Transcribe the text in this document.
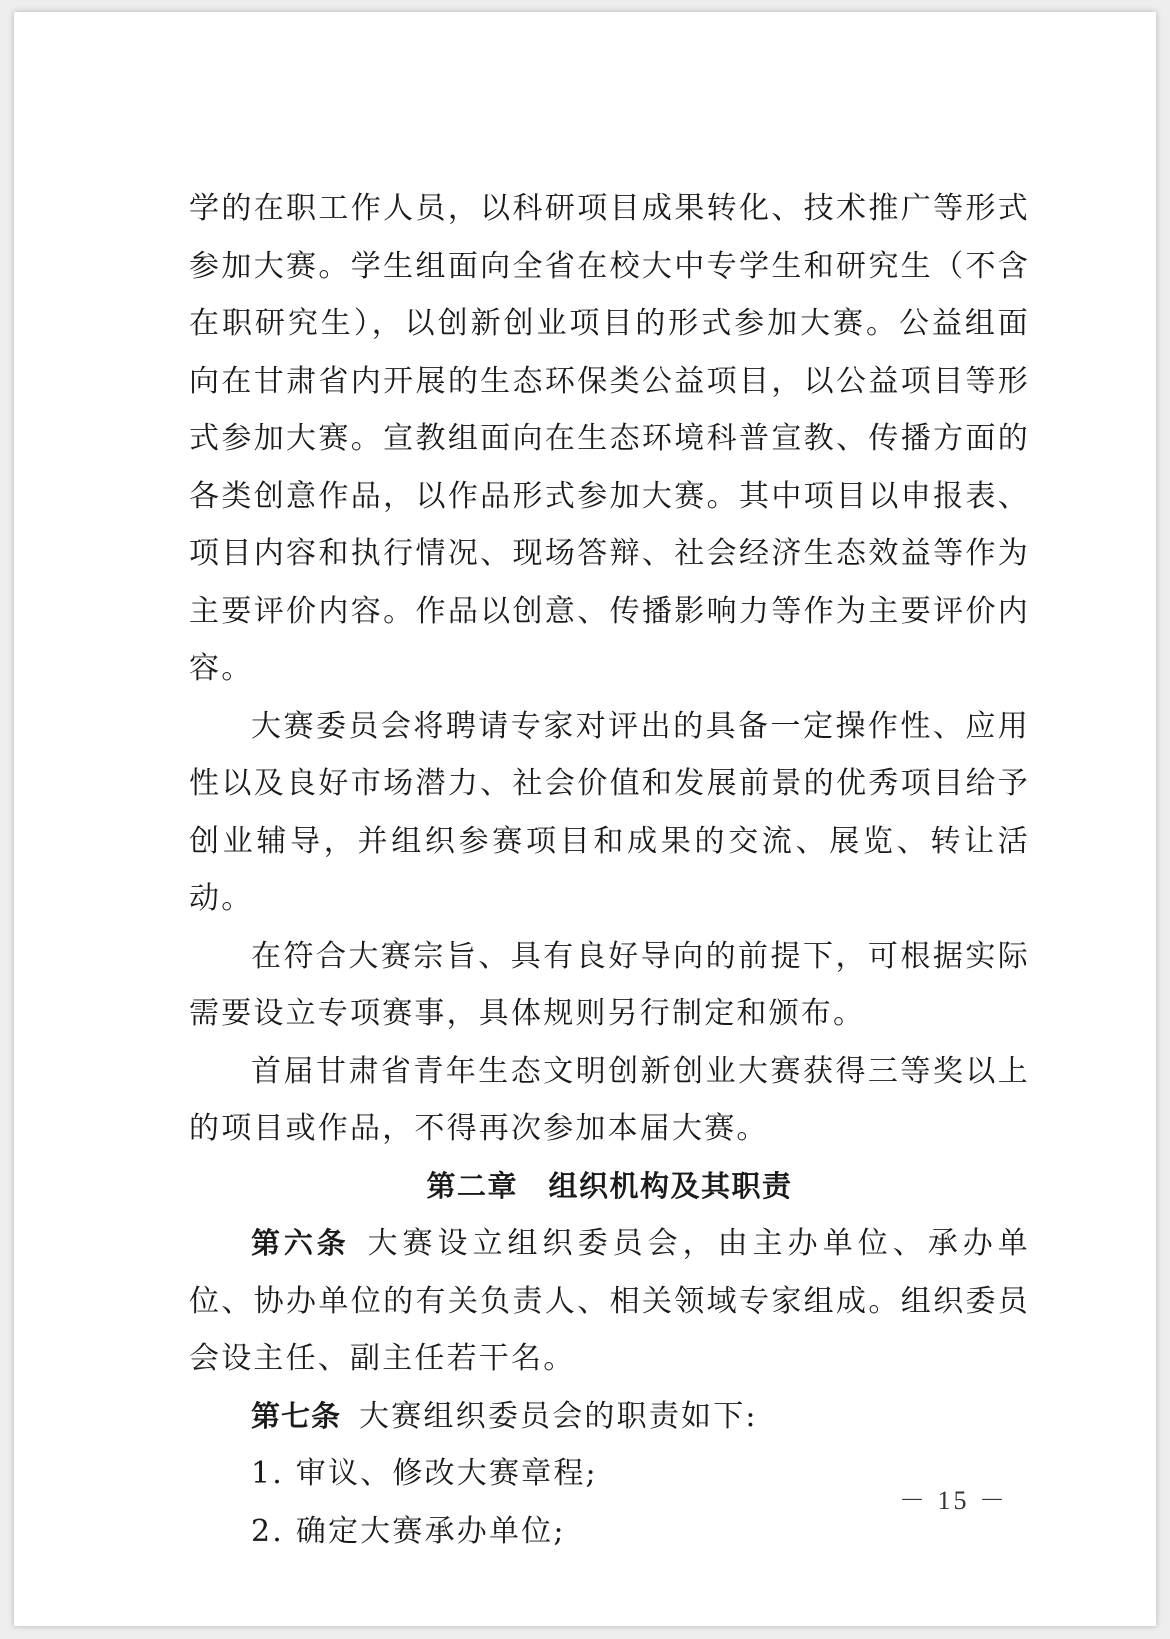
学的在职工作人员，以科研项目成果转化、技术推广等形式参加大赛。学生组面向全省在校大中专学生和研究生（不含在职研究生），以创新创业项目的形式参加大赛。公益组面向在甘肃省内开展的生态环保类公益项目，以公益项目等形式参加大赛。宣教组面向在生态环境科普宣教、传播方面的各类创意作品，以作品形式参加大赛。其中项目以申报表、项目内容和执行情况、现场答辩、社会经济生态效益等作为主要评价内容。作品以创意、传播影响力等作为主要评价内容。

大赛委员会将聘请专家对评出的具备一定操作性、应用性以及良好市场潜力、社会价值和发展前景的优秀项目给予创业辅导，并组织参赛项目和成果的交流、展览、转让活动。

在符合大赛宗旨、具有良好导向的前提下，可根据实际需要设立专项赛事，具体规则另行制定和颁布。

首届甘肃省青年生态文明创新创业大赛获得三等奖以上的项目或作品，不得再次参加本届大赛。

第二章　组织机构及其职责

第六条 大赛设立组织委员会，由主办单位、承办单位、协办单位的有关负责人、相关领域专家组成。组织委员会设主任、副主任若干名。

第七条 大赛组织委员会的职责如下:

1. 审议、修改大赛章程;

2. 确定大赛承办单位;

－ 15 －
